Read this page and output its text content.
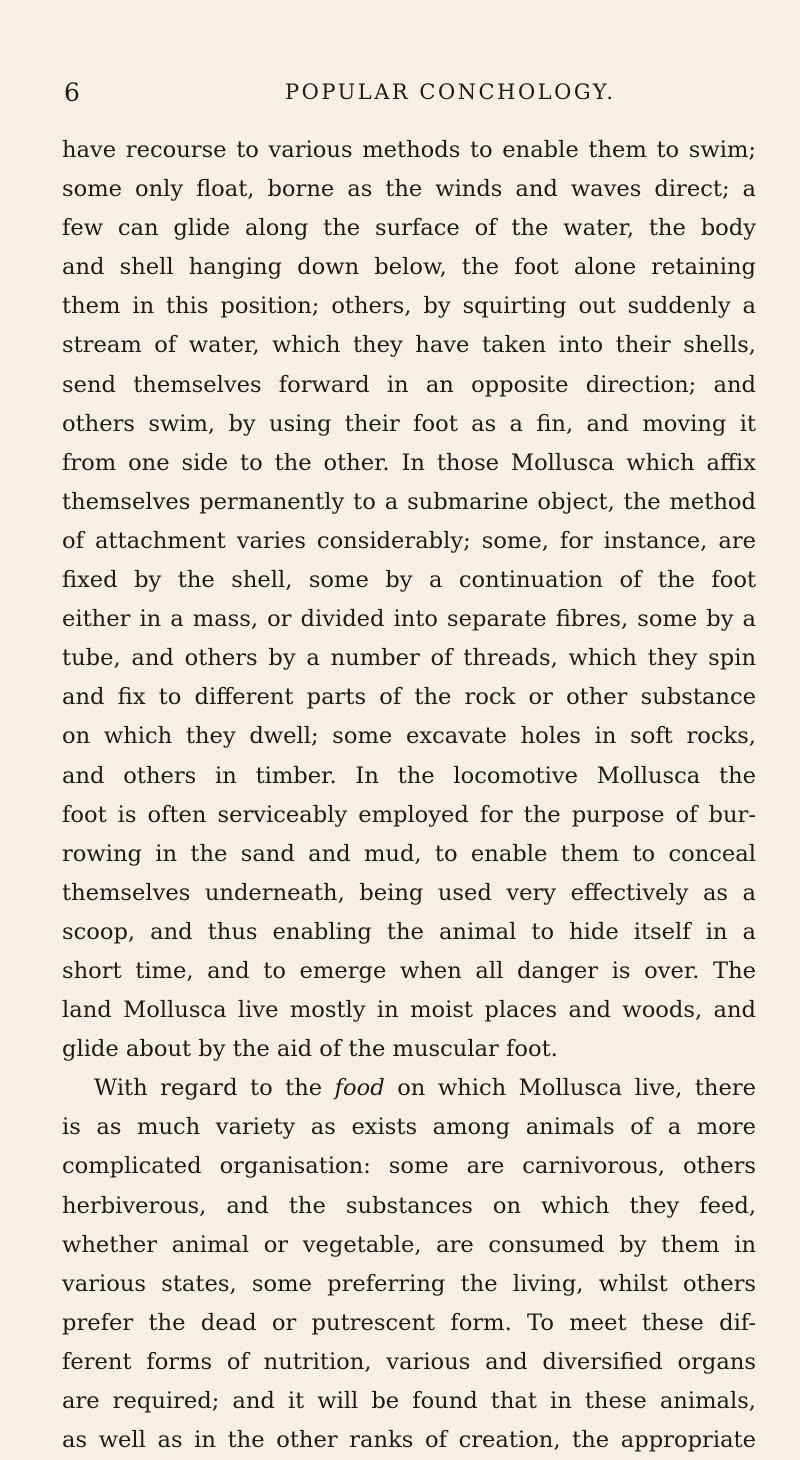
6	POPULAR CONCHOLOGY.
have recourse to various methods to enable them to swim;
some only float, borne as the winds and waves direct; a
few can glide along the surface of the water, the body
and shell hanging down below, the foot alone retaining
them in this position; others, by squirting out suddenly a
stream of water, which they have taken into their shells,
send themselves forward in an opposite direction; and
others swim, by using their foot as a fin, and moving it
from one side to the other. In those Mollusca which affix
themselves permanently to a submarine object, the method
of attachment varies considerably; some, for instance, are
fixed by the shell, some by a continuation of the foot
either in a mass, or divided into separate fibres, some by a
tube, and others by a number of threads, which they spin
and fix to different parts of the rock or other substance
on which they dwell; some excavate holes in soft rocks,
and others in timber. In the locomotive Mollusca the
foot is often serviceably employed for the purpose of bur-
rowing in the sand and mud, to enable them to conceal
themselves underneath, being used very effectively as a
scoop, and thus enabling the animal to hide itself in a
short time, and to emerge when all danger is over. The
land Mollusca live mostly in moist places and woods, and
glide about by the aid of the muscular foot.
With regard to the food on which Mollusca live, there
is as much variety as exists among animals of a more
complicated organisation: some are carnivorous, others
herbiverous, and the substances on which they feed,
whether animal or vegetable, are consumed by them in
various states, some preferring the living, whilst others
prefer the dead or putrescent form. To meet these dif-
ferent forms of nutrition, various and diversified organs
are required; and it will be found that in these animals,
as well as in the other ranks of creation, the appropriate
